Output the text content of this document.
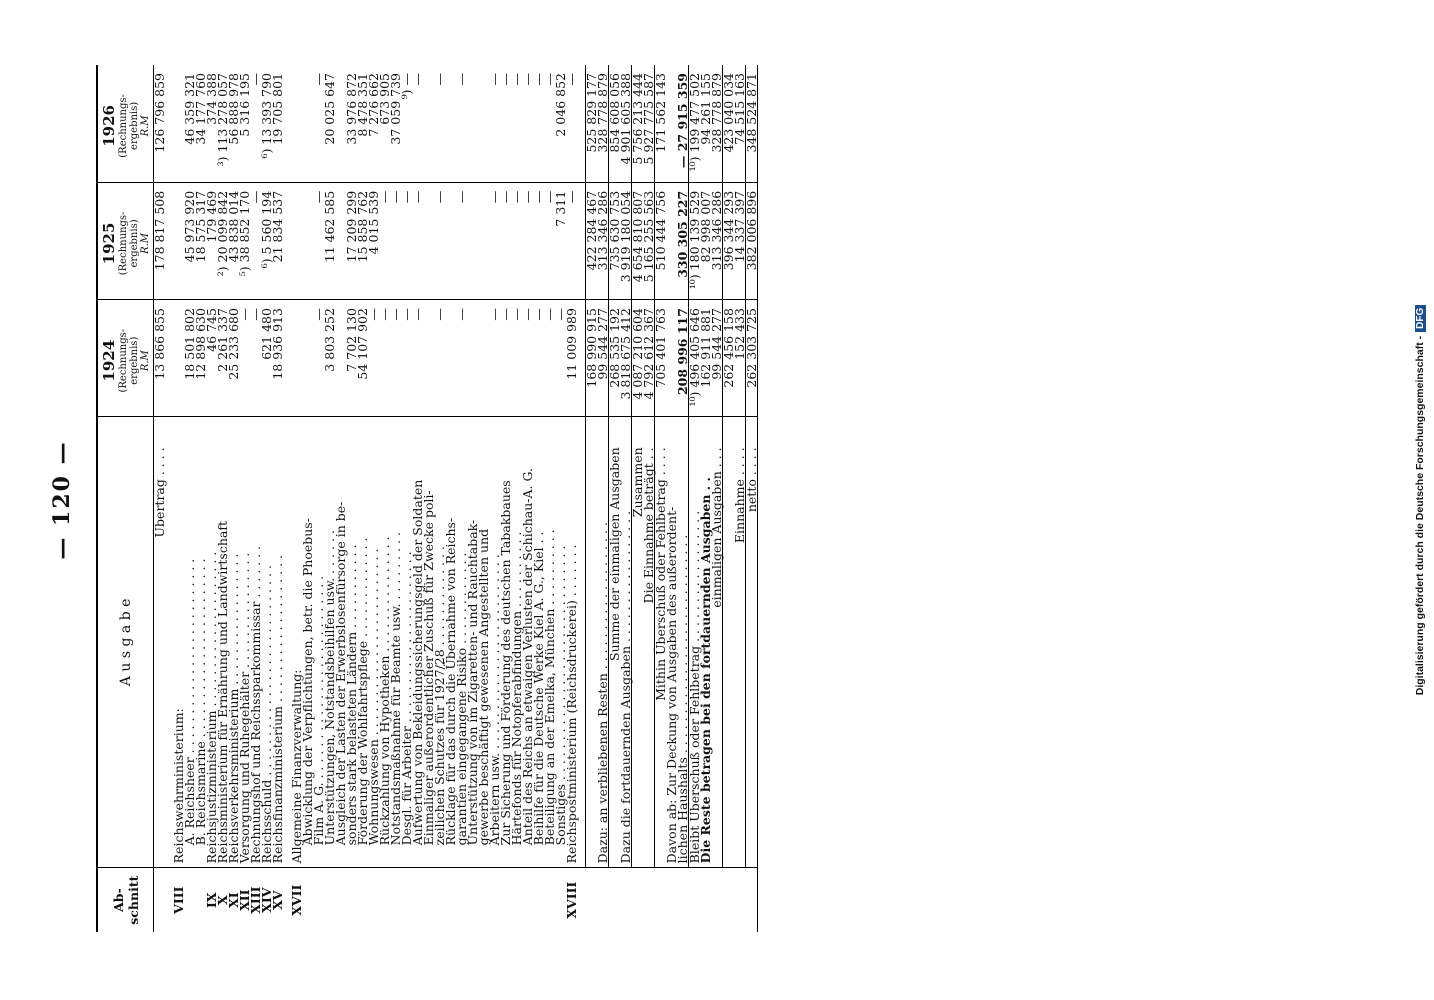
— 120 —
Ab-schnitt	A u s g a b e	1924 (Rechnungs-ergebnis) R.M	1925 (Rechnungs-ergebnis) R.M	1926 (Rechnungs-ergebnis) R.M

	Übertrag . . . .	13 866 855	178 817 508	126 796 859

VIII	Reichswehrministerium:			
	A. Reichsheer . . . . . . . . . . . . . . . . . . . . . . . . .	18 501 802	45 973 920	46 359 321
	B. Reichsmarine . . . . . . . . . . . . . . . . . . . . . . .	12 898 630	18 575 317	34 177 760
IX	Reichsjustizministerium . . . . . . . . . . . . . . . . . . . .	46 745	179 469	374 388
X	Reichsministerium für Ernährung und Landwirtschaft	2 261 337	²) 20 099 842	³) 113 278 057
XI	Reichsverkehrsministerium . . . . . . . . . . . . . . . . .	25 233 680	43 838 014	56 888 978
XII	Versorgung und Ruhegehälter . . . . . . . . . . . . . . .	—	⁵) 38 852 170	5 316 195
XIII	Rechnungshof und Reichssparkommissar . . . . . . .	—	—	—
XIV	Reichsschuld . . . . . . . . . . . . . . . . . . . . . . . . . . .	621 480	⁶) 5 560 194	⁶) 13 393 790
XV	Reichsfinanzministerium . . . . . . . . . . . . . . . . . . .	18 936 913	21 834 537	19 705 801

XVII	Allgemeine Finanzverwaltung:			
	Abwicklung der Verpflichtungen, betr. die Phoebus-			
	Film A. G. . . . . . . . . . . . . . . . . . . . . . . . . . .	—	—	—
	Unterstützungen, Notstandsbeihilfen usw. . . . . . .	3 803 252	11 462 585	20 025 647
	Ausgleich der Lasten der Erwerbslosenfürsorge in be-			
	sonders stark belasteten Ländern . . . . . . . . . . .	7 702 130	17 209 299	33 976 872
	Förderung der Wohlfahrtspflege . . . . . . . . . . . . .	54 107 902	15 858 762	8 478 351
	Wohnungswesen . . . . . . . . . . . . . . . . . . . . . . . .	—	4 015 539	7 276 662
	Rückzahlung von Hypotheken . . . . . . . . . . . . . . .	—	—	673 905
	Notstandsmaßnahme für Beamte usw. . . . . . . . . .	—	—	37 059 739
	Desgl. für Arbeiter . . . . . . . . . . . . . . . . . . . . . .	—	—	⁹) —
	Aufwertung von Bekleidungssicherungsgeld der Soldaten	—	—	—
	Einmaliger außerordentlicher Zuschuß für Zwecke poli-			
	zeilichen Schutzes für 1927/28 . . . . . . . . . . . . .	—	—	—
	Rücklage für das durch die Übernahme von Reichs-			
	garantien eingegangene Risiko . . . . . . . . . . . .	—	—	—
	Unterstützung von im Zigaretten- und Rauchtabak-			
	gewerbe beschäftigt gewesenen Angestellten und			
	Arbeitern usw. . . . . . . . . . . . . . . . . . . . . . . . . .	—	—	—
	Zur Sicherung und Förderung des deutschen Tabakbaues	—	—	—
	Härtefonds für Notopferabfindungen . . . . . . . . . .	—	—	—
	Anteil des Reichs an etwaigen Verlusten der Schichau-A. G.	—	—	—
	Beihilfe für die Deutsche Werke Kiel A. G., Kiel . .	—	—	—
	Beteiligung an der Emelka, München . . . . . . . . . .	—	—	—
	Sonstiges . . . . . . . . . . . . . . . . . . . . . . . . . . . . . .	—	7 311	2 046 852
XVIII	Reichspostministerium (Reichsdruckerei) . . . . . . .	11 009 989	—	—

		168 990 915	422 284 467	525 829 177
	Dazu: an verbliebenen Resten . . . . . . . . . . . . . . . . . . .	99 544 277	313 346 286	328 778 879
	Summe der einmaligen Ausgaben	268 535 192	735 630 753	854 608 056
	Dazu die fortdauernden Ausgaben . . . . . . . . . . . . . . . . .	3 818 675 412	3 919 180 054	4 901 605 388
	Zusammen	4 087 210 604	4 654 810 807	5 756 213 444
	Die Einnahme beträgt . .	4 792 612 367	5 165 255 563	5 927 775 587
	Mithin Überschuß oder Fehlbetrag . . . .	705 401 763	510 444 756	171 562 143
	Davon ab: Zur Deckung von Ausgaben des außerordent-			
	lichen Haushalts . . . . . . . . . . . . . . . . . . . . . . . . . . . .	208 996 117	330 305 227	— 27 915 359
	Bleibt Überschuß oder Fehlbetrag . . . . . . . . . . . . . . . . .	¹⁰) 496 405 646	¹⁰) 180 139 529	¹⁰) 199 477 502
	Die Reste betragen bei den fortdauernden Ausgaben . .	162 911 881	82 998 007	94 261 155
	einmaligen Ausgaben . . .	99 544 277	313 346 286	328 778 879
		262 456 158	396 344 293	423 040 034
	Einnahme . . . .	152 433	14 337 397	74 515 163
	netto . . . .	262 303 725	382 006 896	348 524 871
Digitalisierung gefördert durch die Deutsche Forschungsgemeinschaft -DFG
